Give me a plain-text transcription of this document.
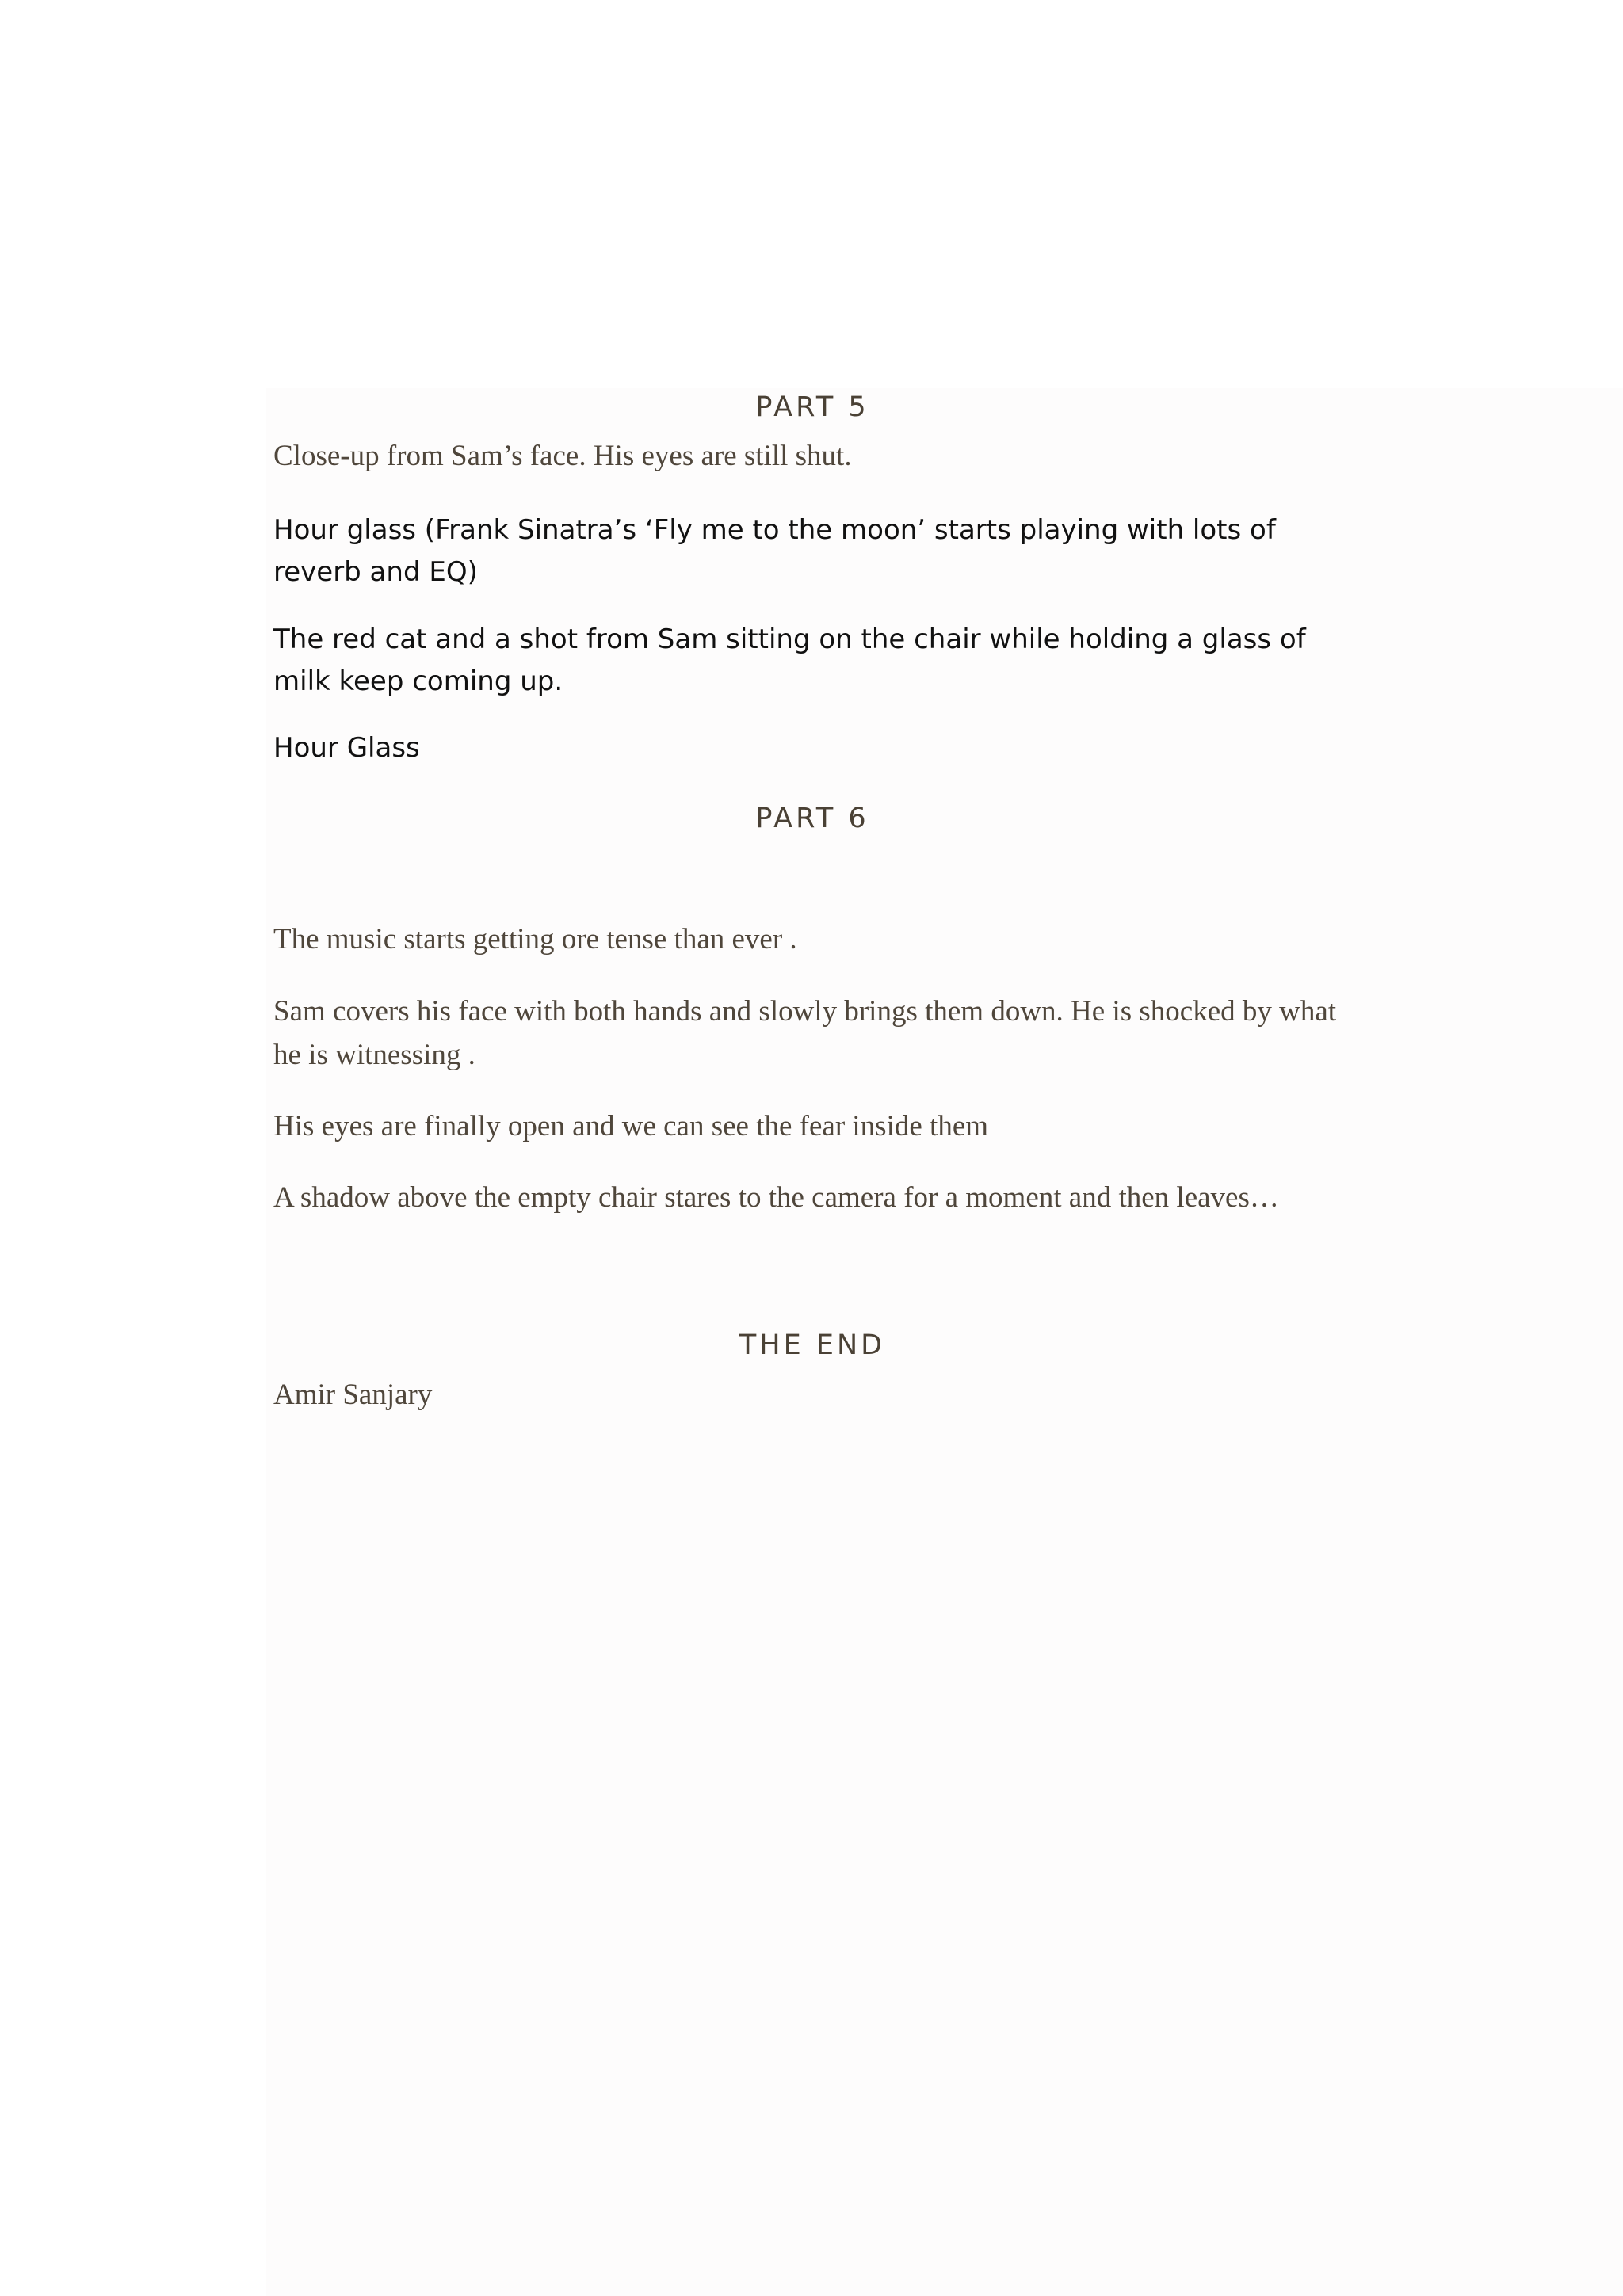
PART 5

Close-up from Sam’s face. His eyes are still shut.

Hour glass (Frank Sinatra’s ‘Fly me to the moon’ starts playing with lots of reverb and EQ)

The red cat and a shot from Sam sitting on the chair while holding a glass of milk keep coming up.

Hour Glass

PART 6

The music starts getting ore tense than ever .

Sam covers his face with both hands and slowly brings them down. He is shocked by what he is witnessing .

His eyes are finally open and we can see the fear inside them

A shadow above the empty chair stares to the camera for a moment and then leaves…

THE END

Amir Sanjary
